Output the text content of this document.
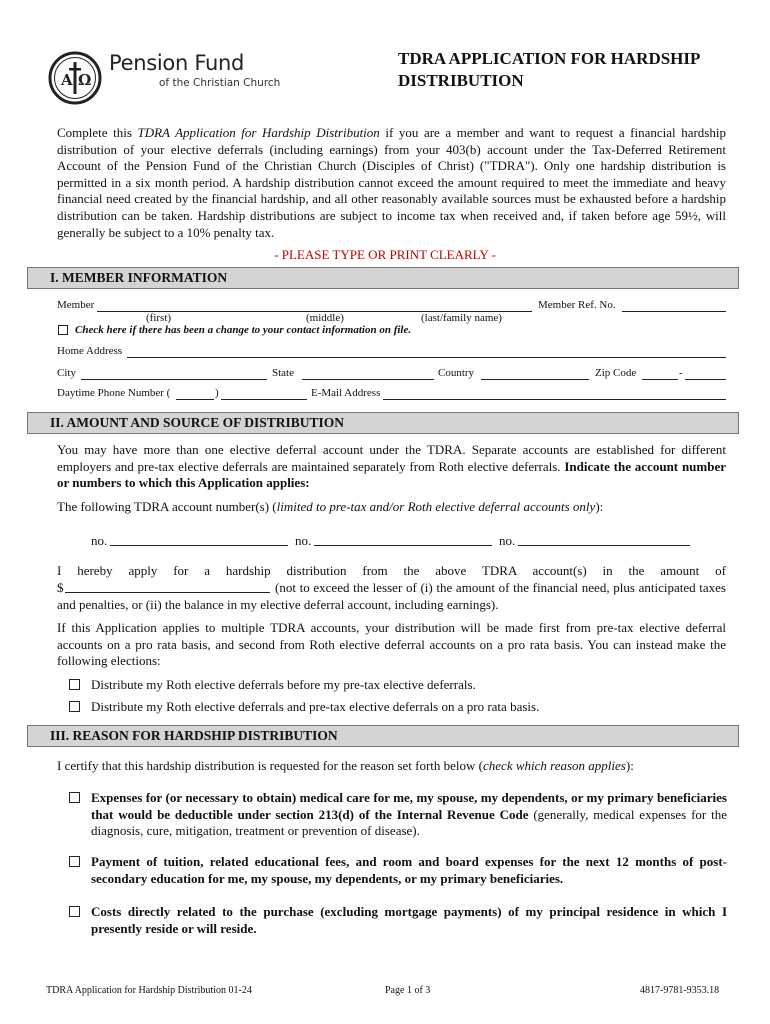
A Ω
Pension Fund
of the Christian Church
TDRA APPLICATION FOR HARDSHIP DISTRIBUTION
Complete this TDRA Application for Hardship Distribution if you are a member and want to request a financial hardship distribution of your elective deferrals (including earnings) from your 403(b) account under the Tax-Deferred Retirement Account of the Pension Fund of the Christian Church (Disciples of Christ) ("TDRA"). Only one hardship distribution is permitted in a six month period. A hardship distribution cannot exceed the amount required to meet the immediate and heavy financial need created by the financial hardship, and all other reasonably available sources must be exhausted before a hardship distribution can be taken. Hardship distributions are subject to income tax when received and, if taken before age 59½, will generally be subject to a 10% penalty tax.
- PLEASE TYPE OR PRINT CLEARLY -
I. MEMBER INFORMATION
Member	Member Ref. No.
(first)	(middle)	(last/family name)
Check here if there has been a change to your contact information on file.
Home Address
City	State	Country	Zip Code	-
Daytime Phone Number (	)	E-Mail Address
II. AMOUNT AND SOURCE OF DISTRIBUTION
You may have more than one elective deferral account under the TDRA. Separate accounts are established for different employers and pre-tax elective deferrals are maintained separately from Roth elective deferrals. Indicate the account number or numbers to which this Application applies:
The following TDRA account number(s) (limited to pre-tax and/or Roth elective deferral accounts only):
no.	no.	no.
I hereby apply for a hardship distribution from the above TDRA account(s) in the amount of
$	(not to exceed the lesser of (i) the amount of the financial need, plus anticipated taxes and penalties, or (ii) the balance in my elective deferral account, including earnings).
If this Application applies to multiple TDRA accounts, your distribution will be made first from pre-tax elective deferral accounts on a pro rata basis, and second from Roth elective deferral accounts on a pro rata basis. You can instead make the following elections:
Distribute my Roth elective deferrals before my pre-tax elective deferrals.
Distribute my Roth elective deferrals and pre-tax elective deferrals on a pro rata basis.
III. REASON FOR HARDSHIP DISTRIBUTION
I certify that this hardship distribution is requested for the reason set forth below (check which reason applies):
Expenses for (or necessary to obtain) medical care for me, my spouse, my dependents, or my primary beneficiaries that would be deductible under section 213(d) of the Internal Revenue Code (generally, medical expenses for the diagnosis, cure, mitigation, treatment or prevention of disease).
Payment of tuition, related educational fees, and room and board expenses for the next 12 months of post-secondary education for me, my spouse, my dependents, or my primary beneficiaries.
Costs directly related to the purchase (excluding mortgage payments) of my principal residence in which I presently reside or will reside.
TDRA Application for Hardship Distribution 01-24	Page 1 of 3	4817-9781-9353.18
